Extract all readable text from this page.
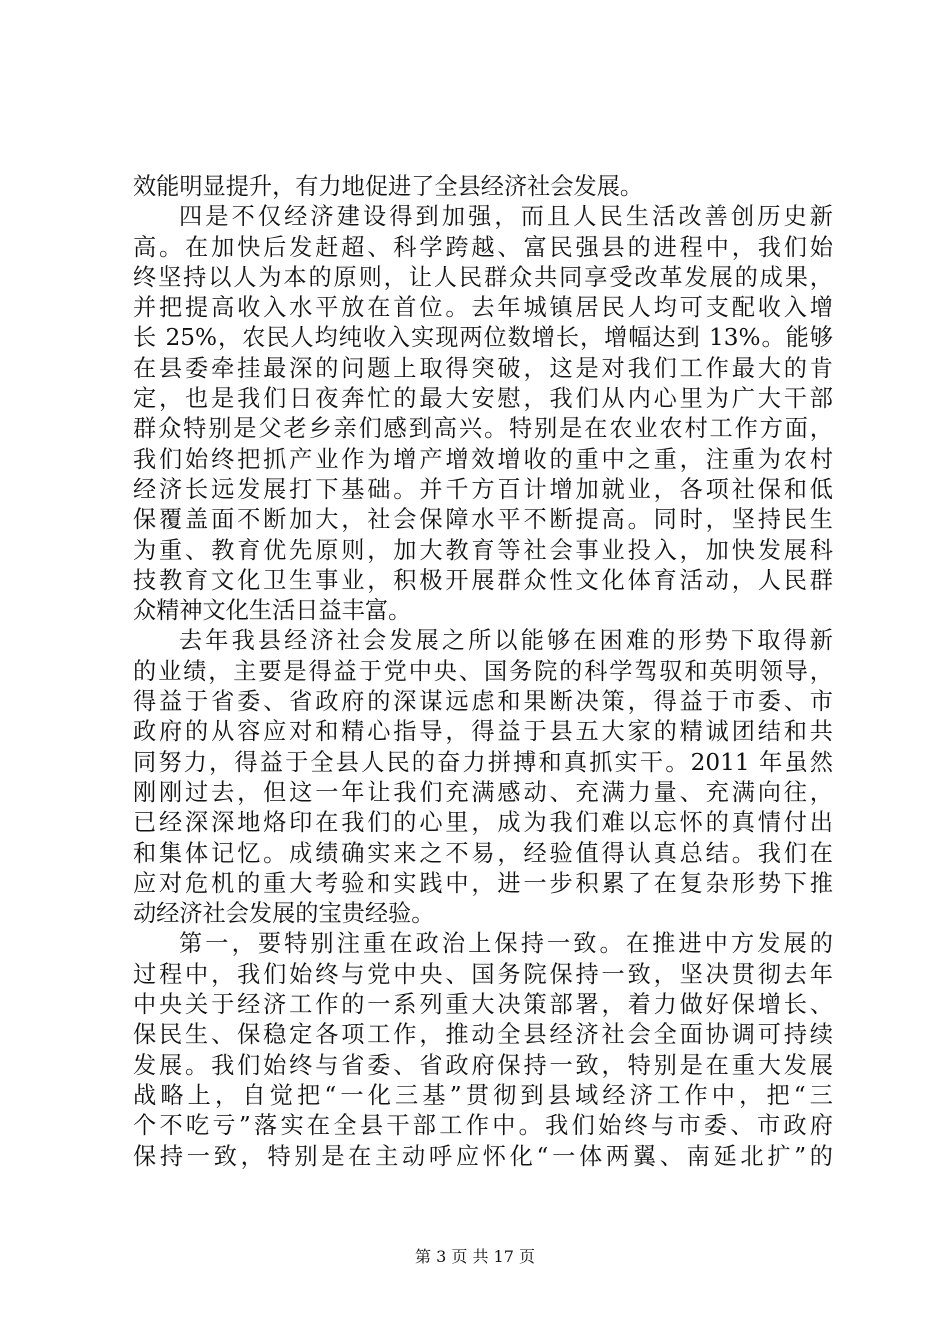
效能明显提升，有力地促进了全县经济社会发展。
四是不仅经济建设得到加强，而且人民生活改善创历史新
高。在加快后发赶超、科学跨越、富民强县的进程中，我们始
终坚持以人为本的原则，让人民群众共同享受改革发展的成果，
并把提高收入水平放在首位。去年城镇居民人均可支配收入增
长 25%，农民人均纯收入实现两位数增长，增幅达到 13%。能够
在县委牵挂最深的问题上取得突破，这是对我们工作最大的肯
定，也是我们日夜奔忙的最大安慰，我们从内心里为广大干部
群众特别是父老乡亲们感到高兴。特别是在农业农村工作方面，
我们始终把抓产业作为增产增效增收的重中之重，注重为农村
经济长远发展打下基础。并千方百计增加就业，各项社保和低
保覆盖面不断加大，社会保障水平不断提高。同时，坚持民生
为重、教育优先原则，加大教育等社会事业投入，加快发展科
技教育文化卫生事业，积极开展群众性文化体育活动，人民群
众精神文化生活日益丰富。
去年我县经济社会发展之所以能够在困难的形势下取得新
的业绩，主要是得益于党中央、国务院的科学驾驭和英明领导，
得益于省委、省政府的深谋远虑和果断决策，得益于市委、市
政府的从容应对和精心指导，得益于县五大家的精诚团结和共
同努力，得益于全县人民的奋力拼搏和真抓实干。2011 年虽然
刚刚过去，但这一年让我们充满感动、充满力量、充满向往，
已经深深地烙印在我们的心里，成为我们难以忘怀的真情付出
和集体记忆。成绩确实来之不易，经验值得认真总结。我们在
应对危机的重大考验和实践中，进一步积累了在复杂形势下推
动经济社会发展的宝贵经验。
第一，要特别注重在政治上保持一致。在推进中方发展的
过程中，我们始终与党中央、国务院保持一致，坚决贯彻去年
中央关于经济工作的一系列重大决策部署，着力做好保增长、
保民生、保稳定各项工作，推动全县经济社会全面协调可持续
发展。我们始终与省委、省政府保持一致，特别是在重大发展
战略上，自觉把“一化三基”贯彻到县域经济工作中，把“三
个不吃亏”落实在全县干部工作中。我们始终与市委、市政府
保持一致，特别是在主动呼应怀化“一体两翼、南延北扩”的
第 3 页 共 17 页
